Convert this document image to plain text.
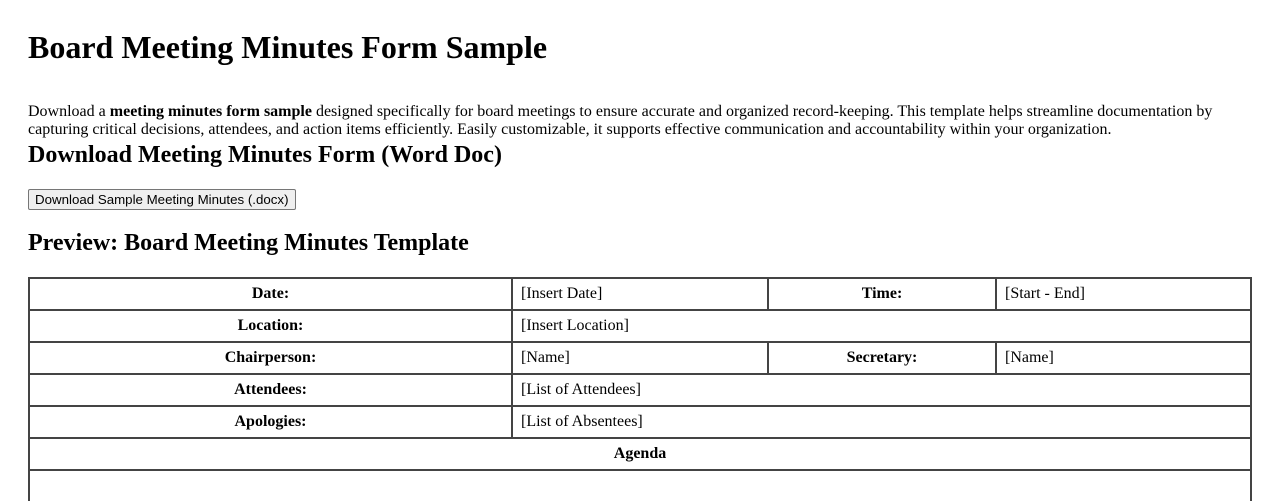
Board Meeting Minutes Form Sample

Download a meeting minutes form sample designed specifically for board meetings to ensure accurate and organized record-keeping. This template helps streamline documentation by capturing critical decisions, attendees, and action items efficiently. Easily customizable, it supports effective communication and accountability within your organization.

Download Meeting Minutes Form (Word Doc)
Download Sample Meeting Minutes (.docx)
Preview: Board Meeting Minutes Template
Date:	[Insert Date]	Time:	[Start - End]
Location:	[Insert Location]		
Chairperson:	[Name]	Secretary:	[Name]
Attendees:	[List of Attendees]		
Apologies:	[List of Absentees]		
Agenda			
